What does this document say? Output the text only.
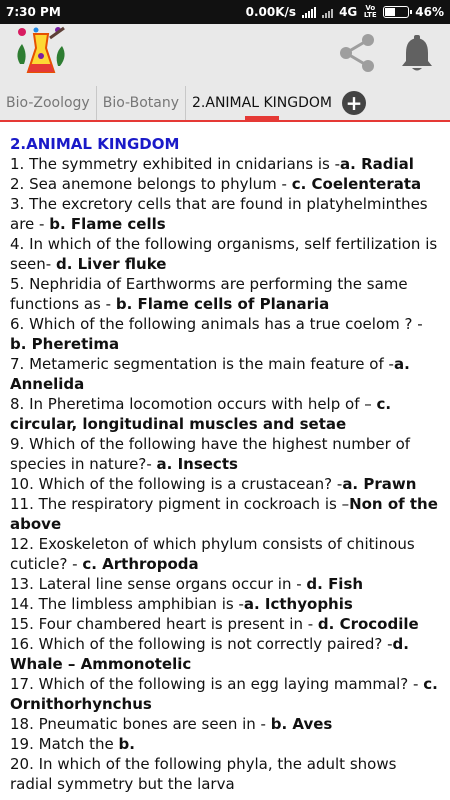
7:30 PM	0.00K/s	4G Vo LTE	46%
Bio-Zoology Bio-Botany 2.ANIMAL KINGDOM +
2.ANIMAL KINGDOM

1. The symmetry exhibited in cnidarians is -a. Radial

2. Sea anemone belongs to phylum - c. Coelenterata

3. The excretory cells that are found in platyhelminthes are - b. Flame cells

4. In which of the following organisms, self fertilization is seen- d. Liver fluke

5. Nephridia of Earthworms are performing the same functions as - b. Flame cells of Planaria

6. Which of the following animals has a true coelom ? - b. Pheretima

7. Metameric segmentation is the main feature of -a. Annelida

8. In Pheretima locomotion occurs with help of – c. circular, longitudinal muscles and setae

9. Which of the following have the highest number of species in nature?- a. Insects

10. Which of the following is a crustacean? -a. Prawn

11. The respiratory pigment in cockroach is –Non of the above

12. Exoskeleton of which phylum consists of chitinous cuticle? - c. Arthropoda

13. Lateral line sense organs occur in - d. Fish

14. The limbless amphibian is -a. Icthyophis

15. Four chambered heart is present in - d. Crocodile

16. Which of the following is not correctly paired? -d. Whale – Ammonotelic

17. Which of the following is an egg laying mammal? - c. Ornithorhynchus

18. Pneumatic bones are seen in - b. Aves

19. Match the b.

20. In which of the following phyla, the adult shows radial symmetry but the larva
